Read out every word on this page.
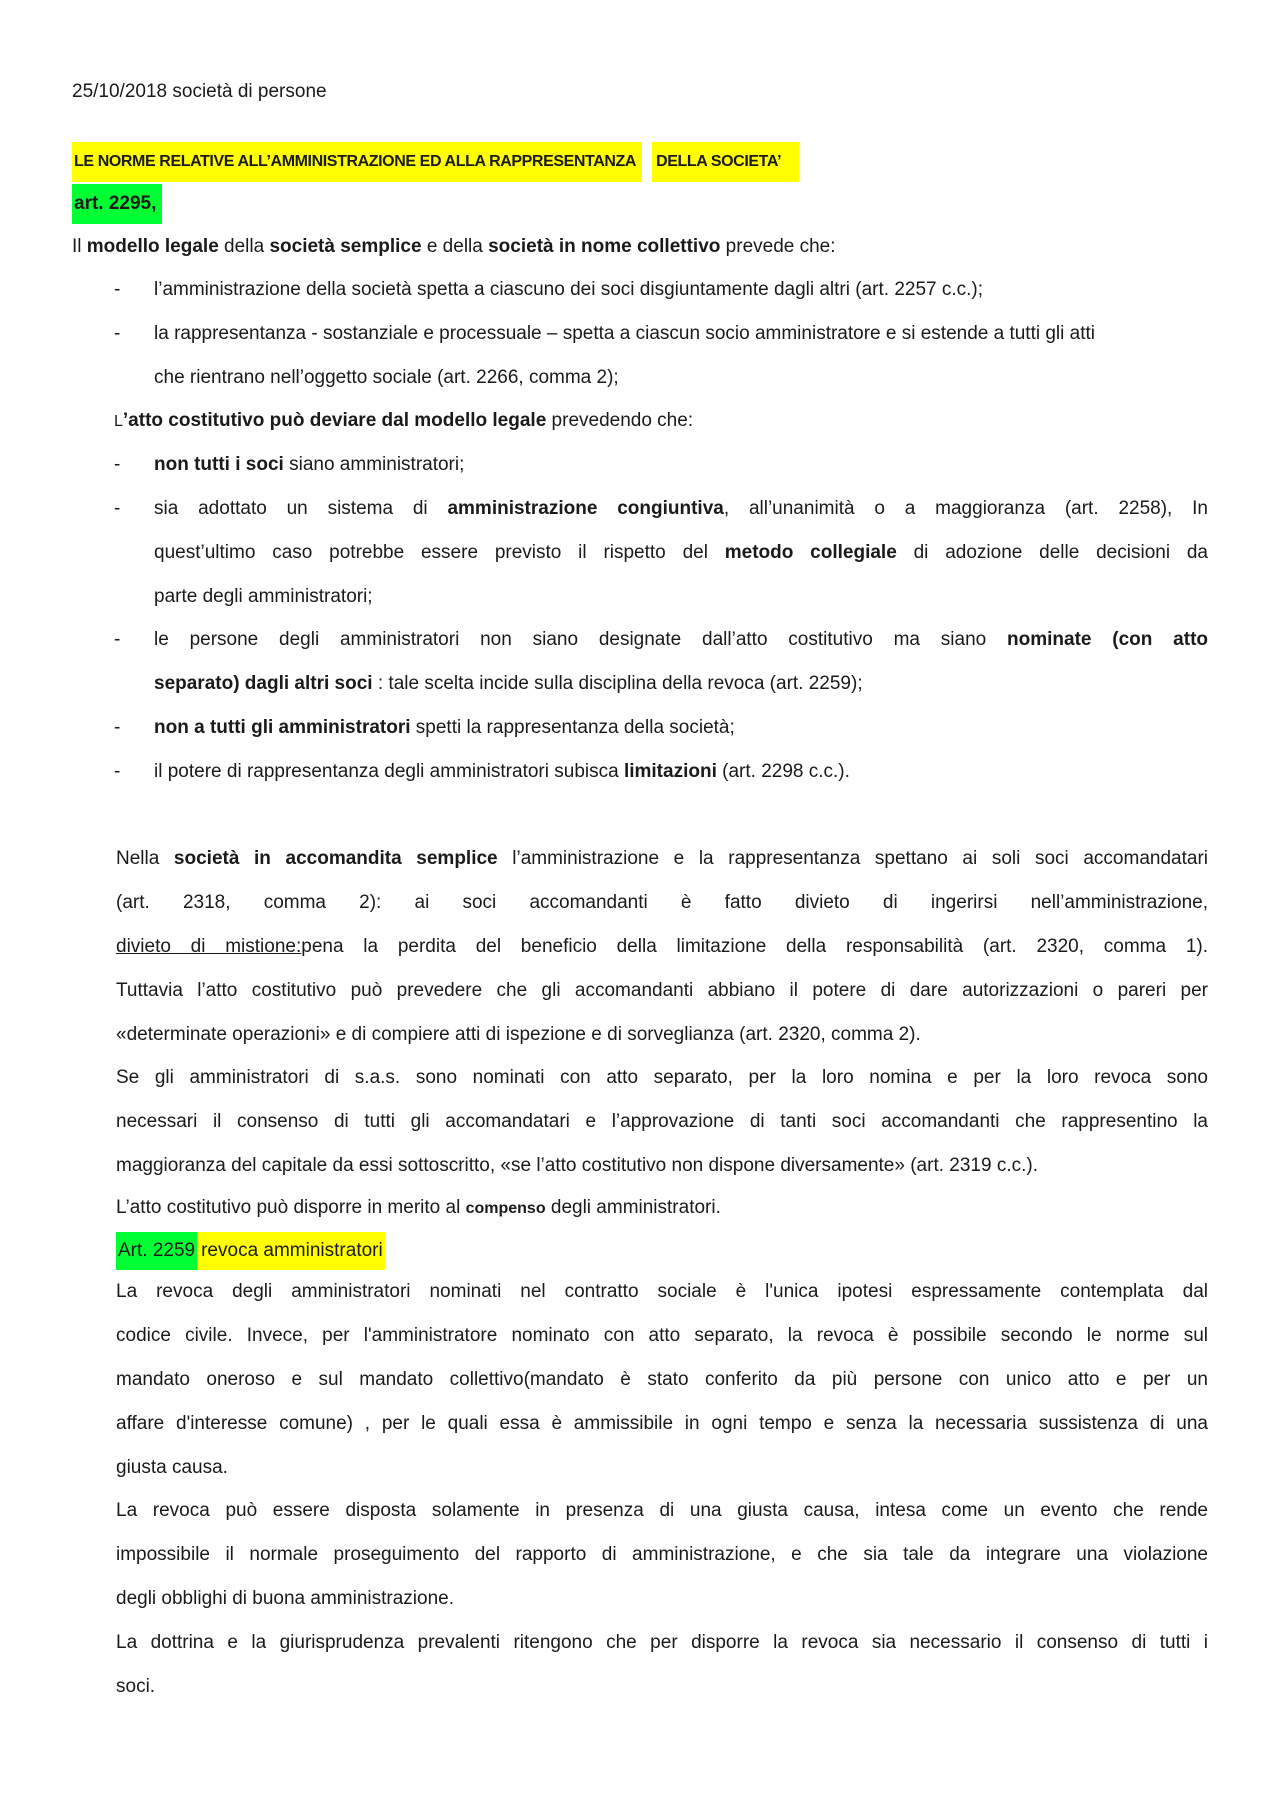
25/10/2018 società di persone
LE NORME RELATIVE ALL’AMMINISTRAZIONE ED ALLA RAPPRESENTANZA DELLA SOCIETA’
art. 2295,
Il modello legale della società semplice e della società in nome collettivo prevede che:
- l’amministrazione della società spetta a ciascuno dei soci disgiuntamente dagli altri (art. 2257 c.c.);
- la rappresentanza - sostanziale e processuale – spetta a ciascun socio amministratore e si estende a tutti gli atti
che rientrano nell’oggetto sociale (art. 2266, comma 2);
L’atto costitutivo può deviare dal modello legale prevedendo che:
- non tutti i soci siano amministratori;
- sia adottato un sistema di amministrazione congiuntiva, all’unanimità o a maggioranza (art. 2258), In
quest’ultimo caso potrebbe essere previsto il rispetto del metodo collegiale di adozione delle decisioni da
parte degli amministratori;
- le persone degli amministratori non siano designate dall’atto costitutivo ma siano nominate (con atto
separato) dagli altri soci : tale scelta incide sulla disciplina della revoca (art. 2259);
- non a tutti gli amministratori spetti la rappresentanza della società;
- il potere di rappresentanza degli amministratori subisca limitazioni (art. 2298 c.c.).
Nella società in accomandita semplice l’amministrazione e la rappresentanza spettano ai soli soci accomandatari
(art. 2318, comma 2): ai soci accomandanti è fatto divieto di ingerirsi nell’amministrazione,
divieto di mistione:pena la perdita del beneficio della limitazione della responsabilità (art. 2320, comma 1).
Tuttavia l’atto costitutivo può prevedere che gli accomandanti abbiano il potere di dare autorizzazioni o pareri per
«determinate operazioni» e di compiere atti di ispezione e di sorveglianza (art. 2320, comma 2).
Se gli amministratori di s.a.s. sono nominati con atto separato, per la loro nomina e per la loro revoca sono
necessari il consenso di tutti gli accomandatari e l’approvazione di tanti soci accomandanti che rappresentino la
maggioranza del capitale da essi sottoscritto, «se l’atto costitutivo non dispone diversamente» (art. 2319 c.c.).
L’atto costitutivo può disporre in merito al compenso degli amministratori.
Art. 2259 revoca amministratori
La revoca degli amministratori nominati nel contratto sociale è l'unica ipotesi espressamente contemplata dal
codice civile. Invece, per l'amministratore nominato con atto separato, la revoca è possibile secondo le norme sul
mandato oneroso e sul mandato collettivo(mandato è stato conferito da più persone con unico atto e per un
affare d'interesse comune) , per le quali essa è ammissibile in ogni tempo e senza la necessaria sussistenza di una
giusta causa.
La revoca può essere disposta solamente in presenza di una giusta causa, intesa come un evento che rende
impossibile il normale proseguimento del rapporto di amministrazione, e che sia tale da integrare una violazione
degli obblighi di buona amministrazione.
La dottrina e la giurisprudenza prevalenti ritengono che per disporre la revoca sia necessario il consenso di tutti i
soci.
